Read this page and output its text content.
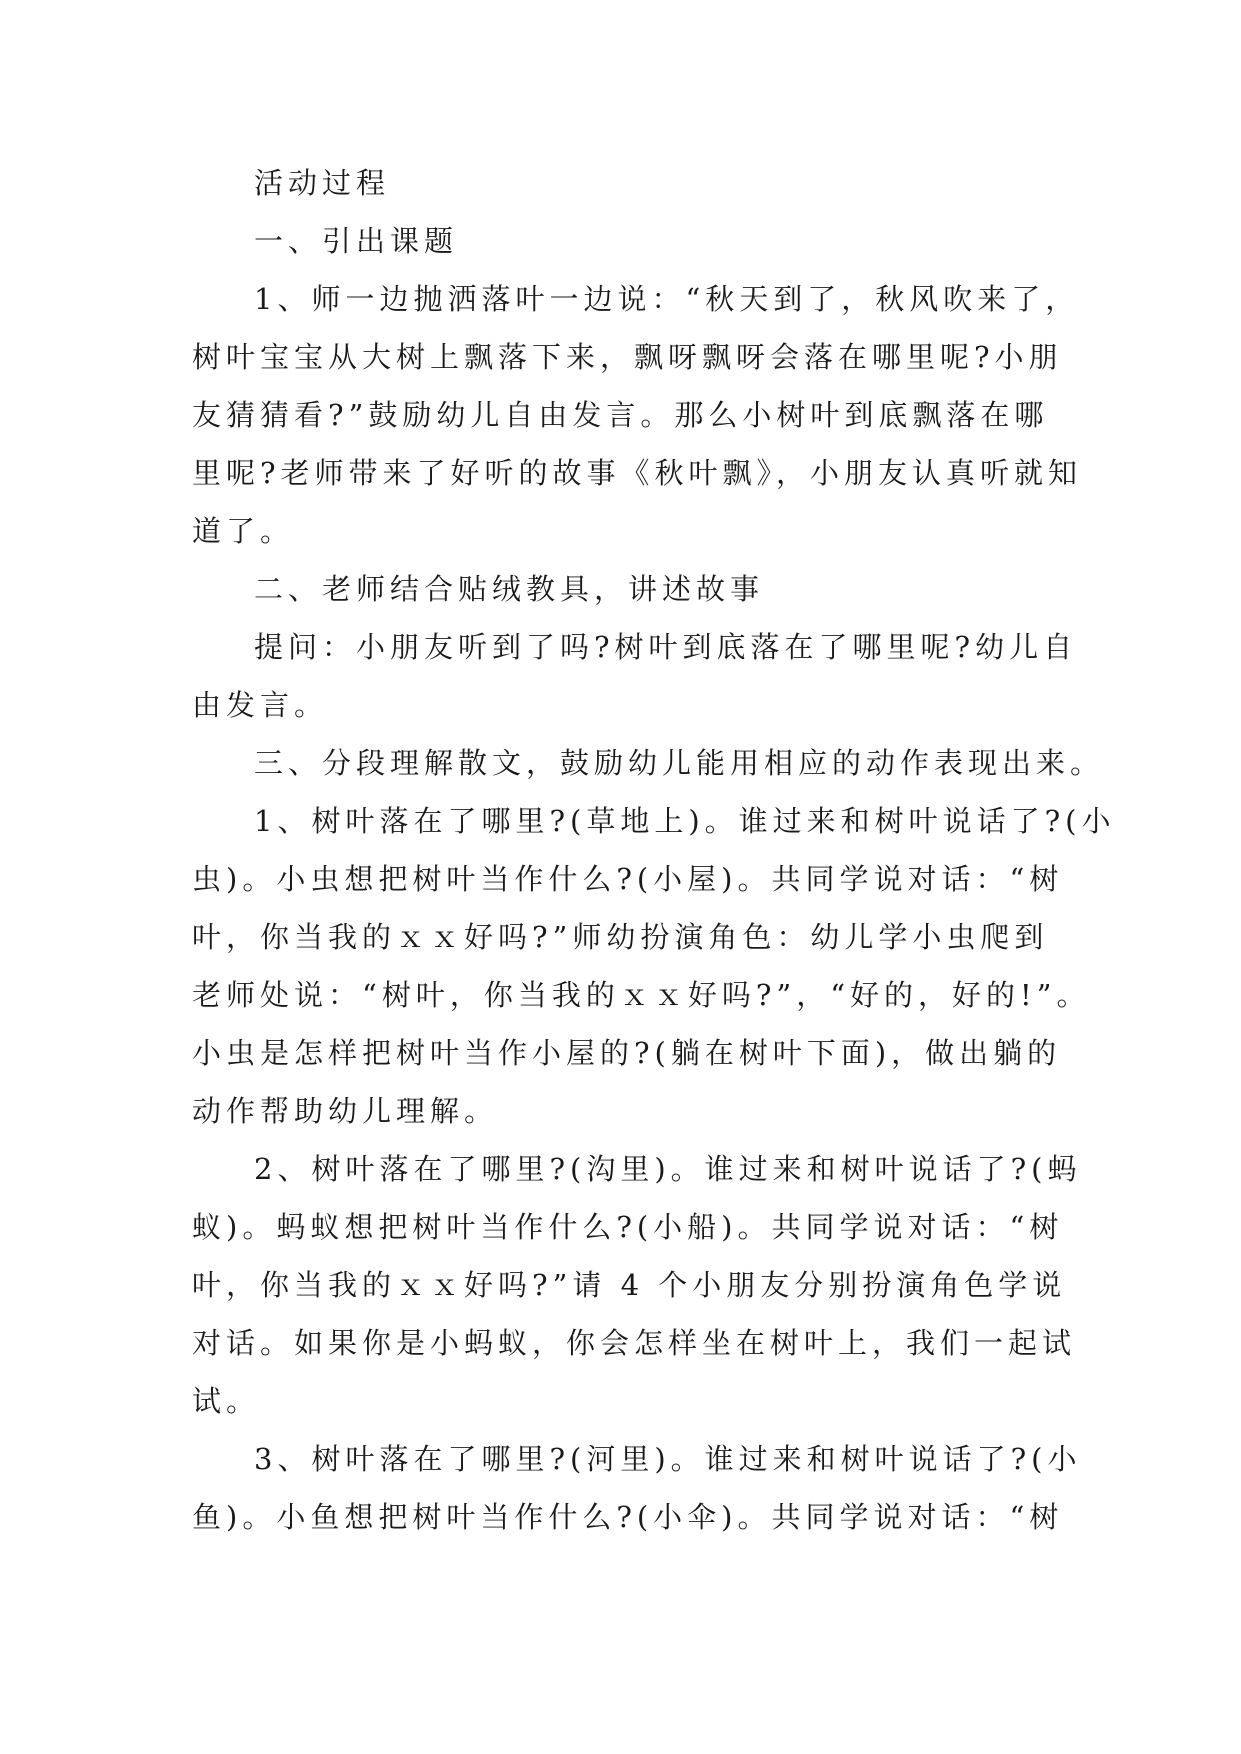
活动过程
一、引出课题
1、师一边抛洒落叶一边说：“秋天到了，秋风吹来了，
树叶宝宝从大树上飘落下来，飘呀飘呀会落在哪里呢?小朋
友猜猜看?”鼓励幼儿自由发言。那么小树叶到底飘落在哪
里呢?老师带来了好听的故事《秋叶飘》，小朋友认真听就知
道了。
二、老师结合贴绒教具，讲述故事
提问：小朋友听到了吗?树叶到底落在了哪里呢?幼儿自
由发言。
三、分段理解散文，鼓励幼儿能用相应的动作表现出来。
1、树叶落在了哪里?(草地上)。谁过来和树叶说话了?(小
虫)。小虫想把树叶当作什么?(小屋)。共同学说对话：“树
叶，你当我的ｘｘ好吗?”师幼扮演角色：幼儿学小虫爬到
老师处说：“树叶，你当我的ｘｘ好吗?”，“好的，好的!”。
小虫是怎样把树叶当作小屋的?(躺在树叶下面)，做出躺的
动作帮助幼儿理解。
2、树叶落在了哪里?(沟里)。谁过来和树叶说话了?(蚂
蚁)。蚂蚁想把树叶当作什么?(小船)。共同学说对话：“树
叶，你当我的ｘｘ好吗?”请 4 个小朋友分别扮演角色学说
对话。如果你是小蚂蚁，你会怎样坐在树叶上，我们一起试
试。
3、树叶落在了哪里?(河里)。谁过来和树叶说话了?(小
鱼)。小鱼想把树叶当作什么?(小伞)。共同学说对话：“树
